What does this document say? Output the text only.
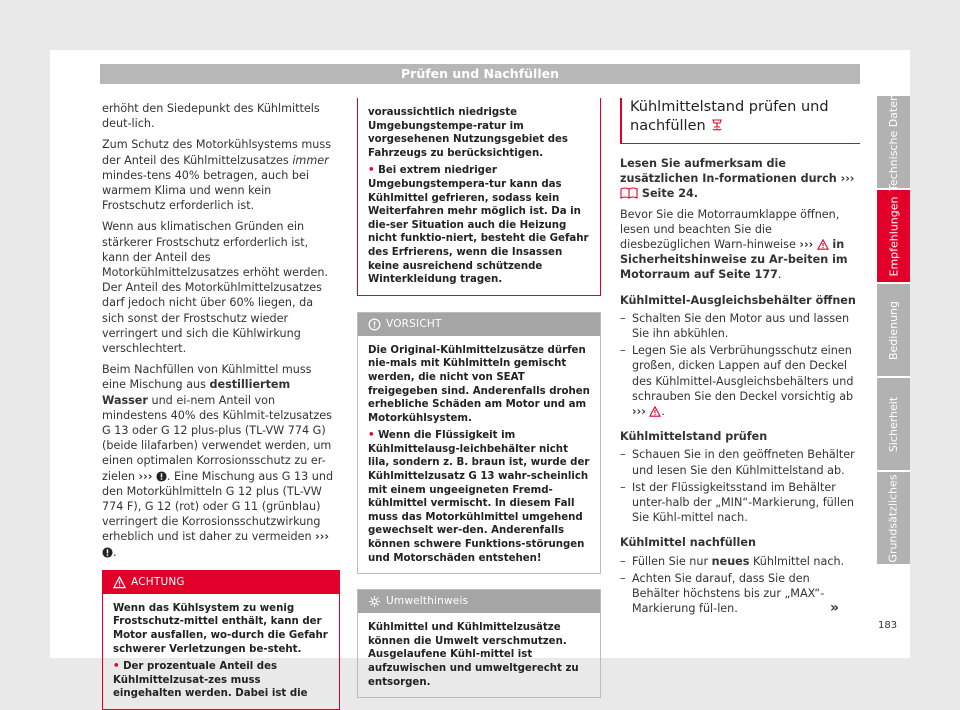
Prüfen und Nachfüllen
erhöht den Siedepunkt des Kühlmittels deut-lich.
Zum Schutz des Motorkühlsystems muss der Anteil des Kühlmittelzusatzes immer mindes-tens 40% betragen, auch bei warmem Klima und wenn kein Frostschutz erforderlich ist.
Wenn aus klimatischen Gründen ein stärkerer Frostschutz erforderlich ist, kann der Anteil des Motorkühlmittelzusatzes erhöht werden. Der Anteil des Motorkühlmittelzusatzes darf jedoch nicht über 60% liegen, da sich sonst der Frostschutz wieder verringert und sich die Kühlwirkung verschlechtert.
Beim Nachfüllen von Kühlmittel muss eine Mischung aus destilliertem Wasser und ei-nem Anteil von mindestens 40% des Kühlmit-telzusatzes G 13 oder G 12 plus-plus (TL-VW 774 G) (beide lilafarben) verwendet werden, um einen optimalen Korrosionsschutz zu er-zielen ››› . Eine Mischung aus G 13 und den Motorkühlmitteln G 12 plus (TL-VW 774 F), G 12 (rot) oder G 11 (grünblau) verringert die Korrosionsschutzwirkung erheblich und ist daher zu vermeiden ››› .
ACHTUNG
Wenn das Kühlsystem zu wenig Frostschutz-mittel enthält, kann der Motor ausfallen, wo-durch die Gefahr schwerer Verletzungen be-steht.
• Der prozentuale Anteil des Kühlmittelzusat-zes muss eingehalten werden. Dabei ist die
voraussichtlich niedrigste Umgebungstempe-ratur im vorgesehenen Nutzungsgebiet des Fahrzeugs zu berücksichtigen.
• Bei extrem niedriger Umgebungstempera-tur kann das Kühlmittel gefrieren, sodass kein Weiterfahren mehr möglich ist. Da in die-ser Situation auch die Heizung nicht funktio-niert, besteht die Gefahr des Erfrierens, wenn die Insassen keine ausreichend schützende Winterkleidung tragen.
VORSICHT
Die Original-Kühlmittelzusätze dürfen nie-mals mit Kühlmitteln gemischt werden, die nicht von SEAT freigegeben sind. Anderenfalls drohen erhebliche Schäden am Motor und am Motorkühlsystem.
• Wenn die Flüssigkeit im Kühlmittelausg-leichbehälter nicht lila, sondern z. B. braun ist, wurde der Kühlmittelzusatz G 13 wahr-scheinlich mit einem ungeeigneten Fremd-kühlmittel vermischt. In diesem Fall muss das Motorkühlmittel umgehend gewechselt wer-den. Anderenfalls können schwere Funktions-störungen und Motorschäden entstehen!
Umwelthinweis
Kühlmittel und Kühlmittelzusätze können die Umwelt verschmutzen. Ausgelaufene Kühl-mittel ist aufzuwischen und umweltgerecht zu entsorgen.
Kühlmittelstand prüfen und
nachfüllen
Lesen Sie aufmerksam die zusätzlichen In-formationen durch ›››  Seite 24.
Bevor Sie die Motorraumklappe öffnen, lesen und beachten Sie die diesbezüglichen Warn-hinweise ››› in Sicherheitshinweise zu Ar-beiten im Motorraum auf Seite 177.
Kühlmittel-Ausgleichsbehälter öffnen
– Schalten Sie den Motor aus und lassen Sie ihn abkühlen.
– Legen Sie als Verbrühungsschutz einen großen, dicken Lappen auf den Deckel des Kühlmittel-Ausgleichsbehälters und schrauben Sie den Deckel vorsichtig ab ››› .
Kühlmittelstand prüfen
– Schauen Sie in den geöffneten Behälter und lesen Sie den Kühlmittelstand ab.
– Ist der Flüssigkeitsstand im Behälter unter-halb der „MIN“-Markierung, füllen Sie Kühl-mittel nach.
Kühlmittel nachfüllen
– Füllen Sie nur neues Kühlmittel nach.
– Achten Sie darauf, dass Sie den Behälter höchstens bis zur „MAX“-Markierung fül-len.	»
Technische Daten
Empfehlungen
Bedienung
Sicherheit
Grundsätzliches
183
